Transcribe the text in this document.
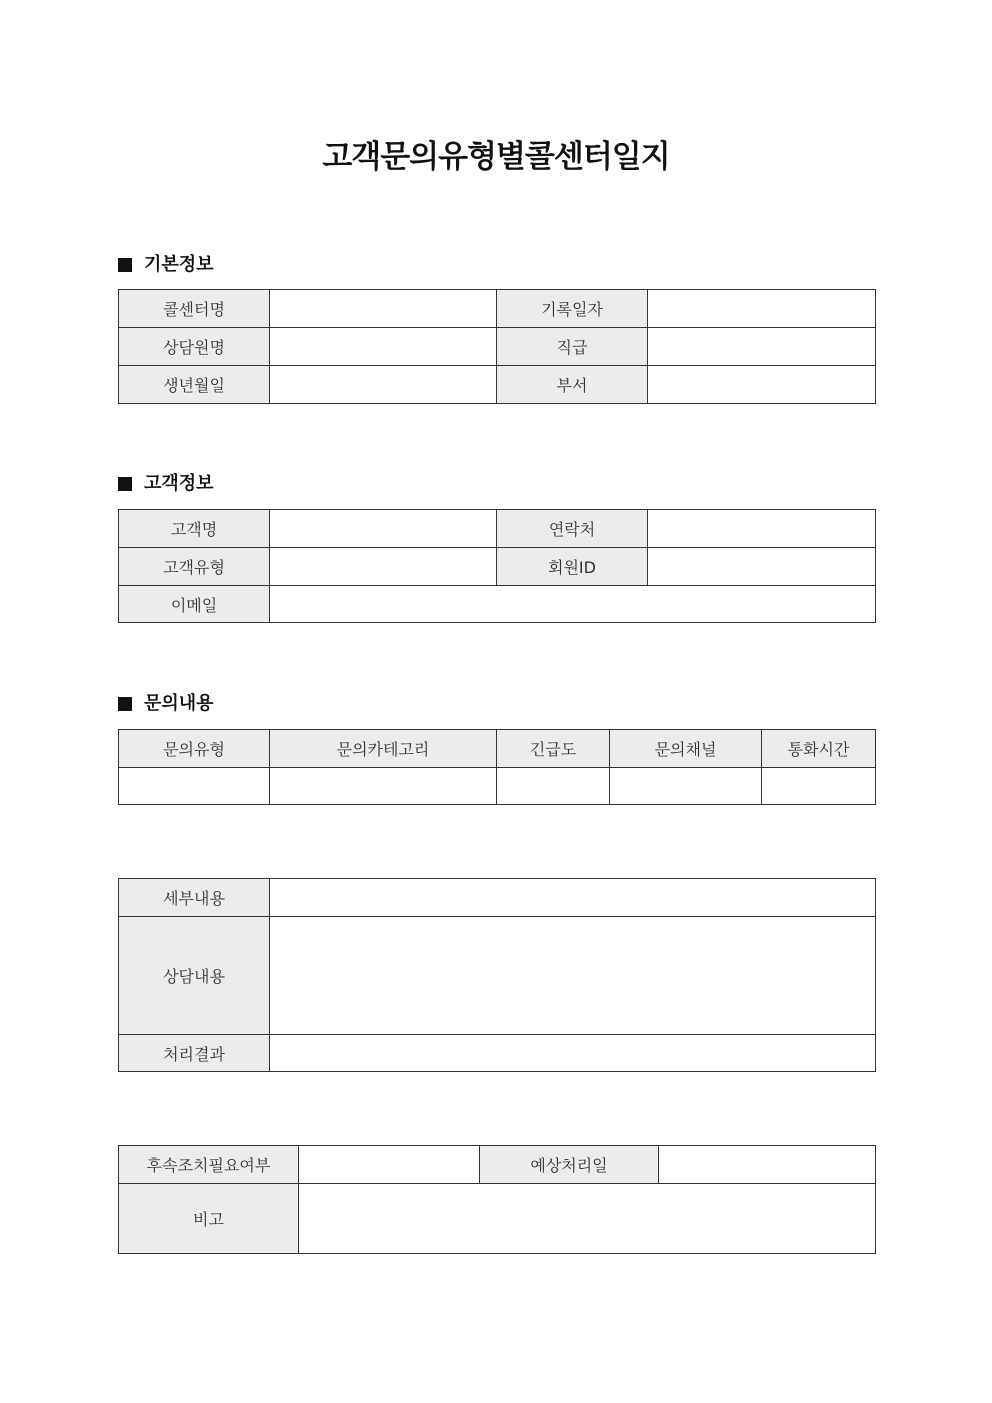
고객문의유형별콜센터일지
기본정보
콜센터명		기록일자	
상담원명		직급	
생년월일		부서	
고객정보
고객명		연락처	
고객유형		회원ID	
이메일			
문의내용
문의유형	문의카테고리	긴급도	문의채널	통화시간

세부내용	
상담내용	
처리결과	
후속조치필요여부		예상처리일	
비고			
